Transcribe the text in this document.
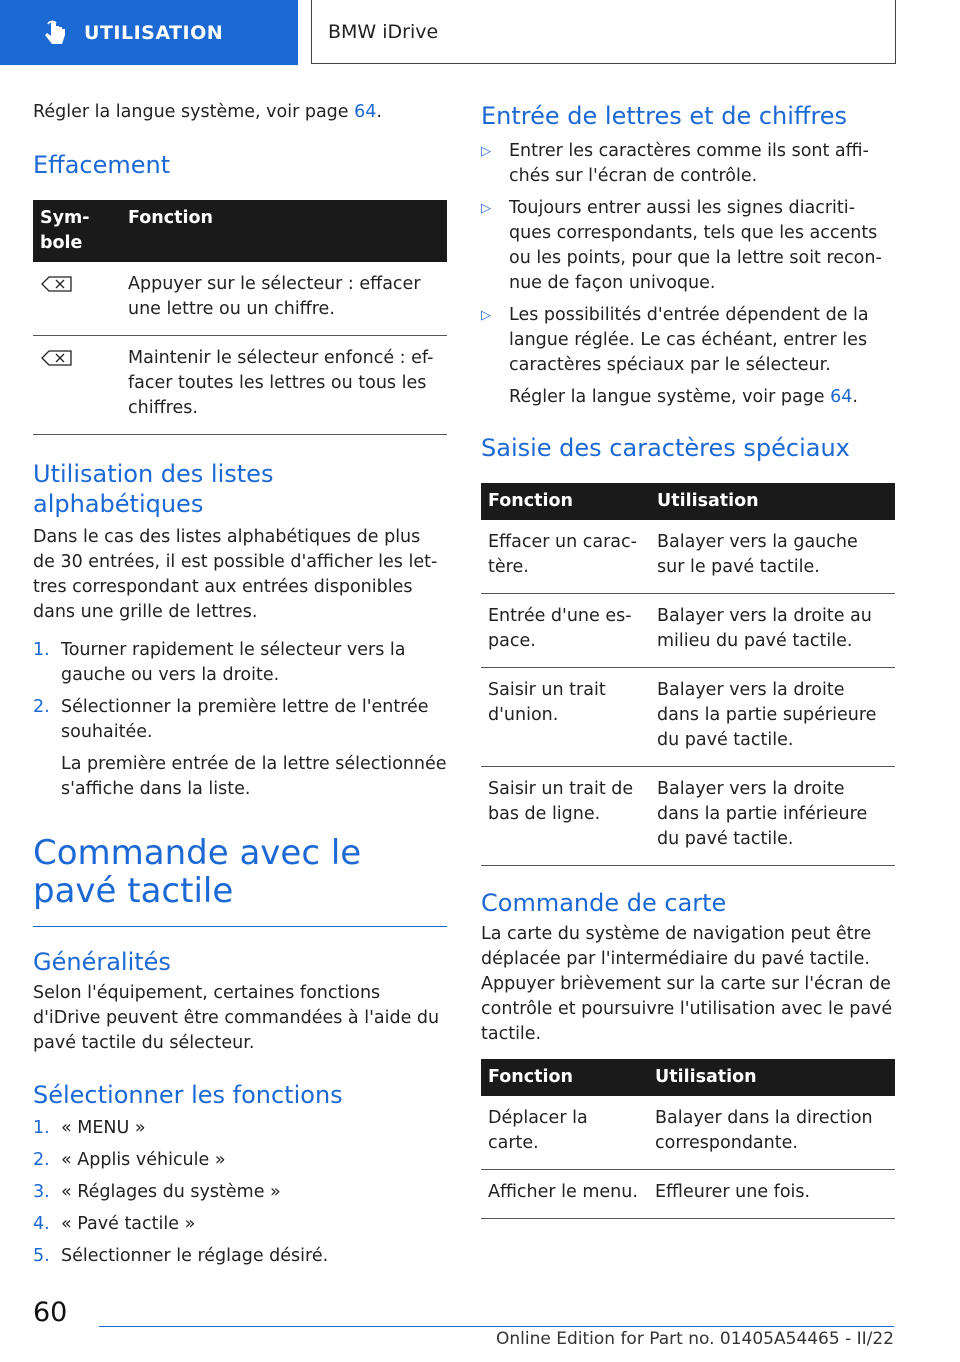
UTILISATION	BMW iDrive

Régler la langue système, voir page 64.

Effacement
Sym-
bole	Fonction
	Appuyer sur le sélecteur : effacer une lettre ou un chiffre.
	Maintenir le sélecteur enfoncé : ef-facer toutes les lettres ou tous les chiffres.
Utilisation des listes alphabétiques

Dans le cas des listes alphabétiques de plus de 30 entrées, il est possible d'afficher les let-tres correspondant aux entrées disponibles dans une grille de lettres.

1. Tourner rapidement le sélecteur vers la gauche ou vers la droite.
2. Sélectionner la première lettre de l'entrée souhaitée.

La première entrée de la lettre sélectionnée s'affiche dans la liste.

Commande avec le pavé tactile
Généralités

Selon l'équipement, certaines fonctions d'iDrive peuvent être commandées à l'aide du pavé tactile du sélecteur.

Sélectionner les fonctions
1. « MENU »
2. « Applis véhicule »
3. « Réglages du système »
4. « Pavé tactile »
5. Sélectionner le réglage désiré.
Entrée de lettres et de chiffres
▷	Entrer les caractères comme ils sont affi-chés sur l'écran de contrôle.
▷	Toujours entrer aussi les signes diacriti-ques correspondants, tels que les accents ou les points, pour que la lettre soit recon-nue de façon univoque.
▷	Les possibilités d'entrée dépendent de la langue réglée. Le cas échéant, entrer les caractères spéciaux par le sélecteur.

Régler la langue système, voir page 64.

Saisie des caractères spéciaux
Fonction	Utilisation
Effacer un carac-tère.	Balayer vers la gauche sur le pavé tactile.
Entrée d'une es-pace.	Balayer vers la droite au milieu du pavé tactile.
Saisir un trait d'union.	Balayer vers la droite dans la partie supérieure du pavé tactile.
Saisir un trait de bas de ligne.	Balayer vers la droite dans la partie inférieure du pavé tactile.
Commande de carte

La carte du système de navigation peut être déplacée par l'intermédiaire du pavé tactile. Appuyer brièvement sur la carte sur l'écran de contrôle et poursuivre l'utilisation avec le pavé tactile.

Fonction	Utilisation
Déplacer la carte.	Balayer dans la direction correspondante.
Afficher le menu.	Effleurer une fois.
60
Online Edition for Part no. 01405A54465 - II/22
